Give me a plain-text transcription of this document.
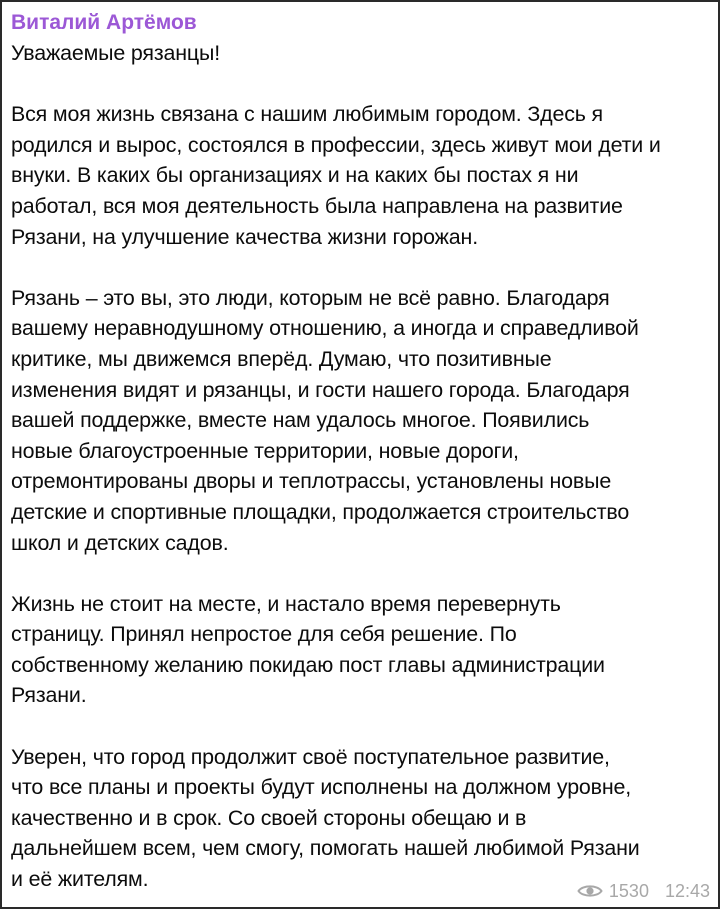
Виталий Артёмов
Уважаемые рязанцы!
Вся моя жизнь связана с нашим любимым городом. Здесь я
родился и вырос, состоялся в профессии, здесь живут мои дети и
внуки. В каких бы организациях и на каких бы постах я ни
работал, вся моя деятельность была направлена на развитие
Рязани, на улучшение качества жизни горожан.
Рязань – это вы, это люди, которым не всё равно. Благодаря
вашему неравнодушному отношению, а иногда и справедливой
критике, мы движемся вперёд. Думаю, что позитивные
изменения видят и рязанцы, и гости нашего города. Благодаря
вашей поддержке, вместе нам удалось многое. Появились
новые благоустроенные территории, новые дороги,
отремонтированы дворы и теплотрассы, установлены новые
детские и спортивные площадки, продолжается строительство
школ и детских садов.
Жизнь не стоит на месте, и настало время перевернуть
страницу. Принял непростое для себя решение. По
собственному желанию покидаю пост главы администрации
Рязани.
Уверен, что город продолжит своё поступательное развитие,
что все планы и проекты будут исполнены на должном уровне,
качественно и в срок. Со своей стороны обещаю и в
дальнейшем всем, чем смогу, помогать нашей любимой Рязани
и её жителям.	1530 12:43
